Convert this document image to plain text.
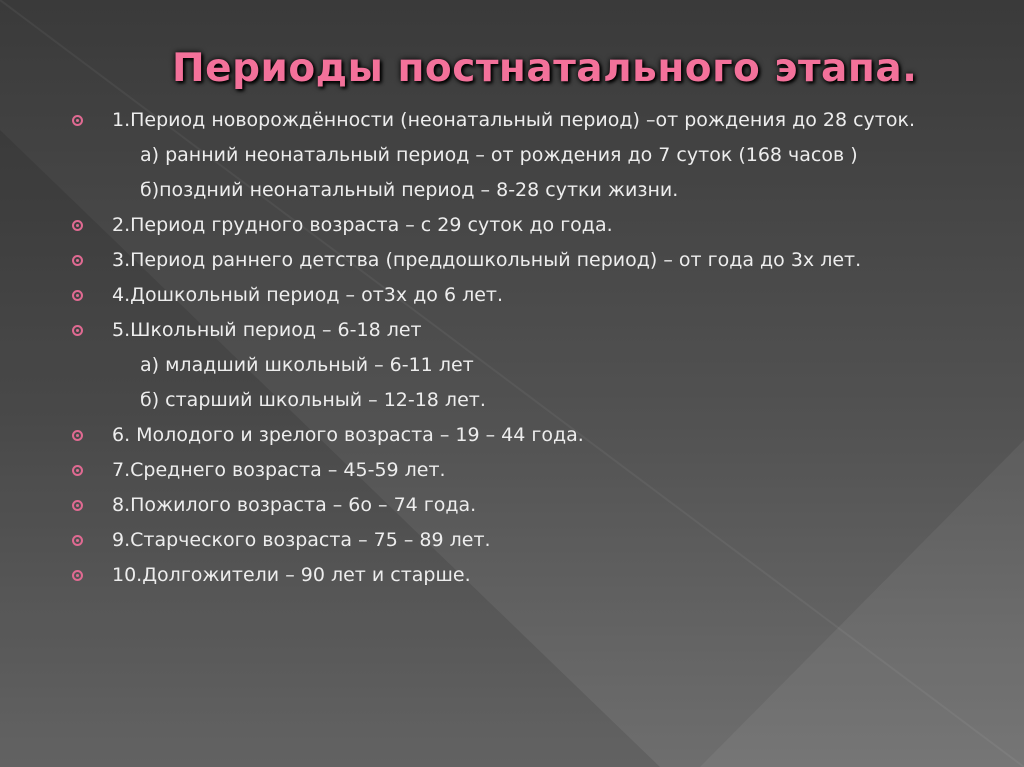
Периоды постнатального этапа.
1.Период новорождённости (неонатальный период) –от рождения до 28 суток.
а) ранний неонатальный период – от рождения до 7 суток (168 часов )
б)поздний неонатальный период – 8-28 сутки жизни.
2.Период грудного возраста – с 29 суток до года.
3.Период раннего детства (преддошкольный период) – от года до 3х лет.
4.Дошкольный период – от3х до 6 лет.
5.Школьный период – 6-18 лет
а) младший школьный – 6-11 лет
б) старший школьный – 12-18 лет.
6. Молодого и зрелого возраста – 19 – 44 года.
7.Среднего возраста – 45-59 лет.
8.Пожилого возраста – 6о – 74 года.
9.Старческого возраста – 75 – 89 лет.
10.Долгожители – 90 лет и старше.
